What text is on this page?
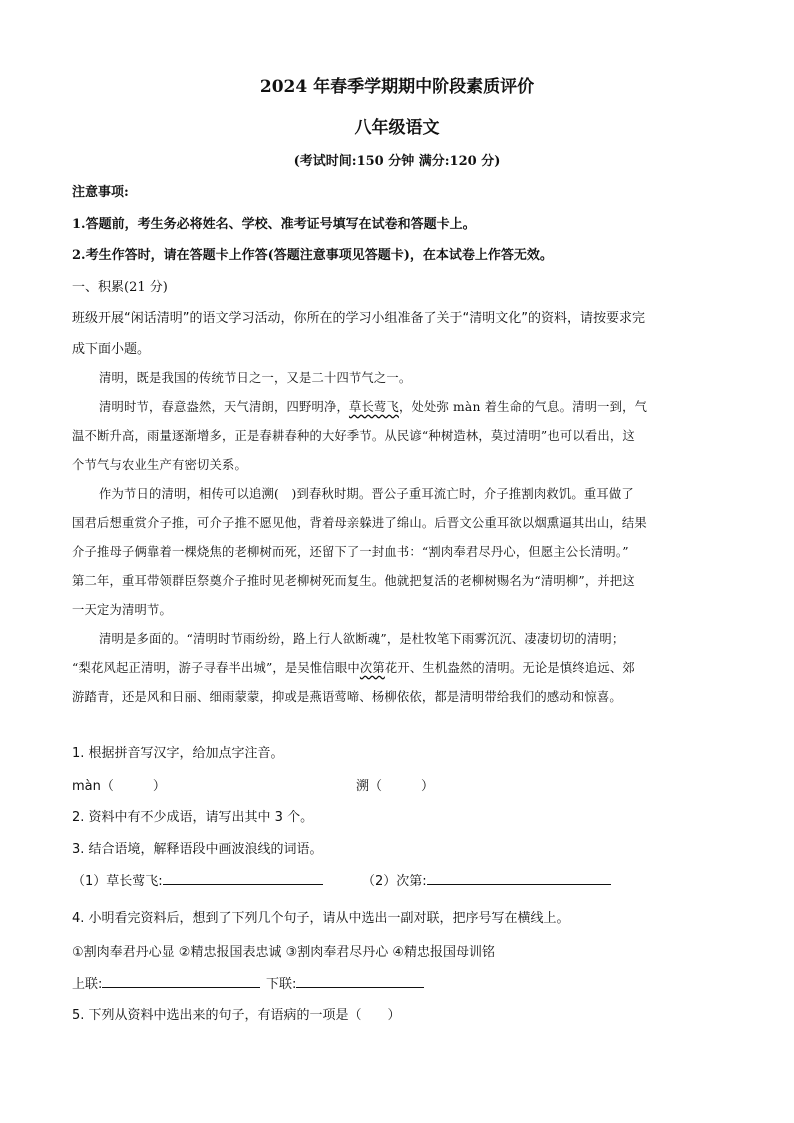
2024 年春季学期期中阶段素质评价
八年级语文
(考试时间:150 分钟 满分:120 分)
注意事项:
1.答题前，考生务必将姓名、学校、准考证号填写在试卷和答题卡上。
2.考生作答时，请在答题卡上作答(答题注意事项见答题卡)，在本试卷上作答无效。
一、积累(21 分)
班级开展“闲话清明”的语文学习活动，你所在的学习小组准备了关于“清明文化”的资料，请按要求完
成下面小题。
清明，既是我国的传统节日之一，又是二十四节气之一。
清明时节，春意盎然，天气清朗，四野明净，草长莺飞，处处弥 màn 着生命的气息。清明一到，气
温不断升高，雨量逐渐增多，正是春耕春种的大好季节。从民谚“种树造林，莫过清明”也可以看出，这
个节气与农业生产有密切关系。
作为节日的清明，相传可以追溯(　)到春秋时期。晋公子重耳流亡时，介子推割肉救饥。重耳做了
国君后想重赏介子推，可介子推不愿见他，背着母亲躲进了绵山。后晋文公重耳欲以烟熏逼其出山，结果
介子推母子俩靠着一棵烧焦的老柳树而死，还留下了一封血书：“割肉奉君尽丹心，但愿主公长清明。”
第二年，重耳带领群臣祭奠介子推时见老柳树死而复生。他就把复活的老柳树赐名为“清明柳”，并把这
一天定为清明节。
清明是多面的。“清明时节雨纷纷，路上行人欲断魂”，是杜牧笔下雨雾沉沉、凄凄切切的清明；
“梨花风起正清明，游子寻春半出城”，是吴惟信眼中次第花开、生机盎然的清明。无论是慎终追远、郊
游踏青，还是风和日丽、细雨蒙蒙，抑或是燕语莺啼、杨柳依依，都是清明带给我们的感动和惊喜。
1. 根据拼音写汉字，给加点字注音。
màn（　　　）	溯（　　　）
2. 资料中有不少成语，请写出其中 3 个。
3. 结合语境，解释语段中画波浪线的词语。
（1）草长莺飞:	（2）次第:
4. 小明看完资料后，想到了下列几个句子，请从中选出一副对联，把序号写在横线上。
①割肉奉君丹心显 ②精忠报国表忠诚 ③割肉奉君尽丹心 ④精忠报国母训铭
上联:	下联:
5. 下列从资料中选出来的句子，有语病的一项是（　　）
